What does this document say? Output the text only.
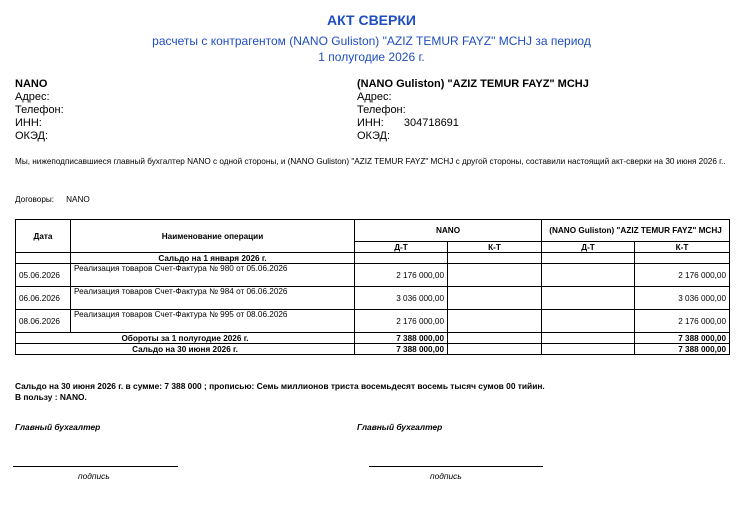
АКТ СВЕРКИ
расчеты с контрагентом (NANO Guliston) "AZIZ TEMUR FAYZ" MCHJ за период
1 полугодие 2026 г.
NANO
Адрес:
Телефон:
ИНН:
ОКЭД:
(NANO Guliston) "AZIZ TEMUR FAYZ" MCHJ
Адрес:
Телефон:
ИНН: 304718691
ОКЭД:
Мы, нижеподписавшиеся главный бухгалтер NANO с одной стороны, и (NANO Guliston) "AZIZ TEMUR FAYZ" MCHJ с другой стороны, составили настоящий акт-сверки на 30 июня 2026 г..
Договоры: NANO
Дата	Наименование операции	NANO		(NANO Guliston) "AZIZ TEMUR FAYZ" MCHJ	
		Д-Т	К-Т	Д-Т	К-Т
	Сальдо на 1 января 2026 г.				
05.06.2026	Реализация товаров Счет-Фактура № 980 от 05.06.2026	2 176 000,00			2 176 000,00
06.06.2026	Реализация товаров Счет-Фактура № 984 от 06.06.2026	3 036 000,00			3 036 000,00
08.06.2026	Реализация товаров Счет-Фактура № 995 от 08.06.2026	2 176 000,00			2 176 000,00
Обороты за 1 полугодие 2026 г.		7 388 000,00			7 388 000,00
Сальдо на 30 июня 2026 г.		7 388 000,00			7 388 000,00
Сальдо на 30 июня 2026 г. в сумме: 7 388 000 ; прописью: Семь миллионов триста восемьдесят восемь тысяч сумов 00 тийин.
В пользу : NANO.
Главный бухгалтер	Главный бухгалтер
подпись	подпись
